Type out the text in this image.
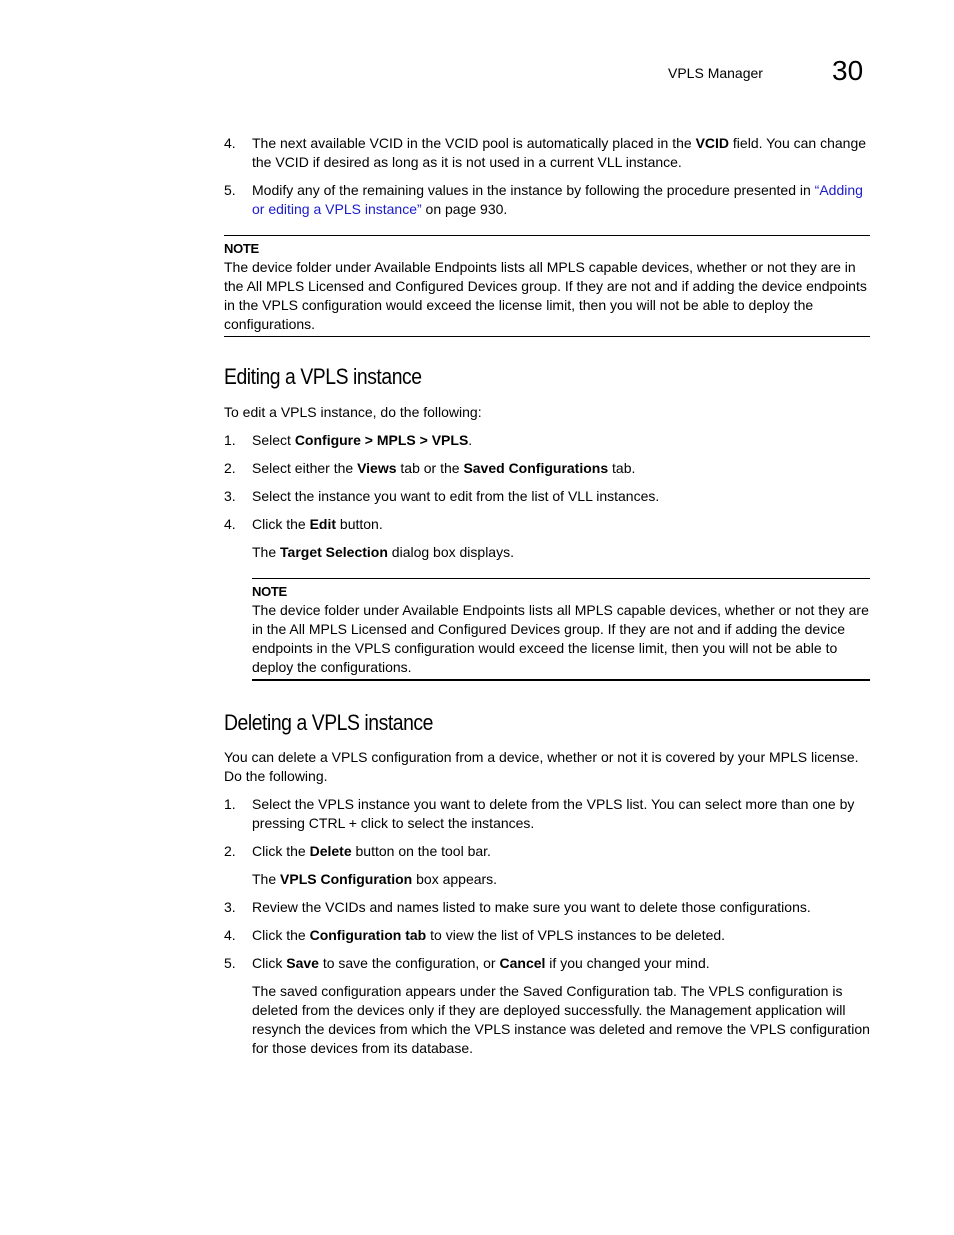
VPLS Manager 30
4.	The next available VCID in the VCID pool is automatically placed in the VCID field. You can change the VCID if desired as long as it is not used in a current VLL instance.
5.	Modify any of the remaining values in the instance by following the procedure presented in “Adding or editing a VPLS instance” on page 930.
NOTE

The device folder under Available Endpoints lists all MPLS capable devices, whether or not they are in the All MPLS Licensed and Configured Devices group. If they are not and if adding the device endpoints in the VPLS configuration would exceed the license limit, then you will not be able to deploy the configurations.

Editing a VPLS instance

To edit a VPLS instance, do the following:

1.	Select Configure > MPLS > VPLS.
2.	Select either the Views tab or the Saved Configurations tab.
3.	Select the instance you want to edit from the list of VLL instances.
4.	Click the Edit button.
The Target Selection dialog box displays.
NOTE

The device folder under Available Endpoints lists all MPLS capable devices, whether or not they are in the All MPLS Licensed and Configured Devices group. If they are not and if adding the device endpoints in the VPLS configuration would exceed the license limit, then you will not be able to deploy the configurations.

Deleting a VPLS instance

You can delete a VPLS configuration from a device, whether or not it is covered by your MPLS license. Do the following.

1.	Select the VPLS instance you want to delete from the VPLS list. You can select more than one by pressing CTRL + click to select the instances.
2.	Click the Delete button on the tool bar.
The VPLS Configuration box appears.
3.	Review the VCIDs and names listed to make sure you want to delete those configurations.
4.	Click the Configuration tab to view the list of VPLS instances to be deleted.
5.	Click Save to save the configuration, or Cancel if you changed your mind.

The saved configuration appears under the Saved Configuration tab. The VPLS configuration is deleted from the devices only if they are deployed successfully. the Management application will resynch the devices from which the VPLS instance was deleted and remove the VPLS configuration for those devices from its database.
